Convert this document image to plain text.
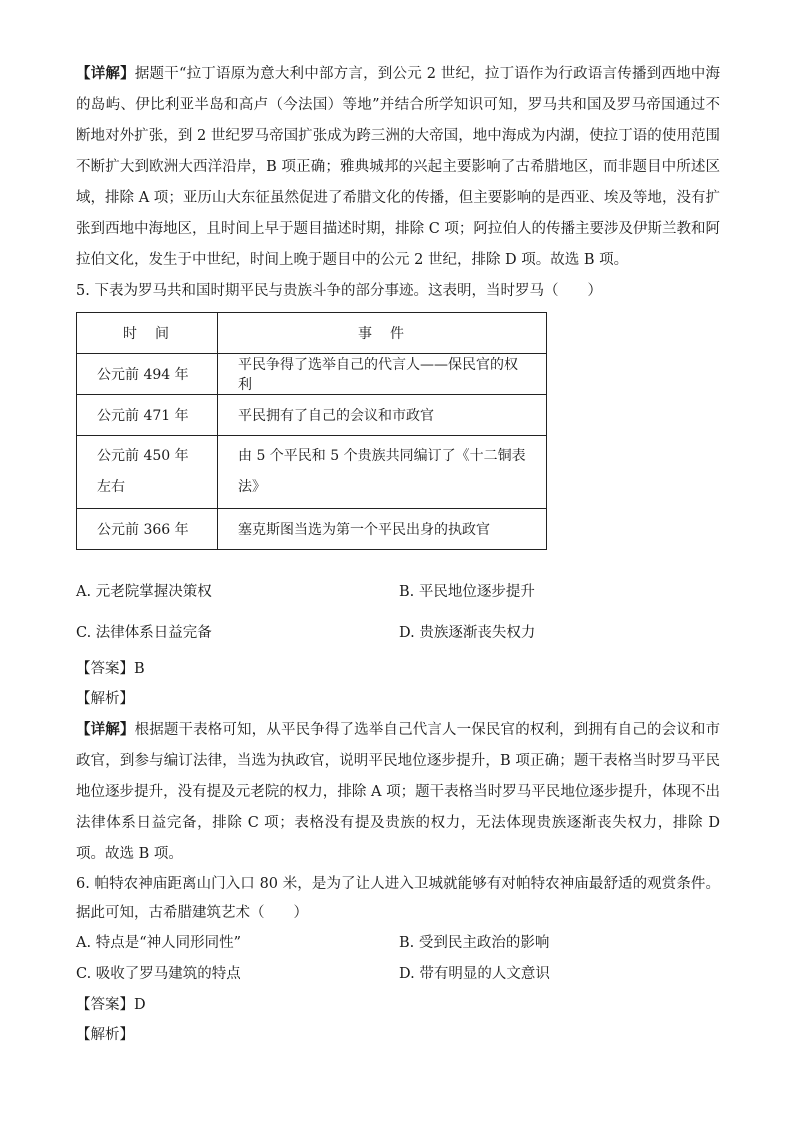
【详解】据题干“拉丁语原为意大利中部方言，到公元 2 世纪，拉丁语作为行政语言传播到西地中海的岛屿、伊比利亚半岛和高卢（今法国）等地”并结合所学知识可知，罗马共和国及罗马帝国通过不断地对外扩张，到 2 世纪罗马帝国扩张成为跨三洲的大帝国，地中海成为内湖，使拉丁语的使用范围不断扩大到欧洲大西洋沿岸，B 项正确；雅典城邦的兴起主要影响了古希腊地区，而非题目中所述区域，排除 A 项；亚历山大东征虽然促进了希腊文化的传播，但主要影响的是西亚、埃及等地，没有扩张到西地中海地区，且时间上早于题目描述时期，排除 C 项；阿拉伯人的传播主要涉及伊斯兰教和阿拉伯文化，发生于中世纪，时间上晚于题目中的公元 2 世纪，排除 D 项。故选 B 项。

5. 下表为罗马共和国时期平民与贵族斗争的部分事迹。这表明，当时罗马（　　）

时　间	事　件
公元前 494 年	平民争得了选举自己的代言人——保民官的权利
公元前 471 年	平民拥有了自己的会议和市政官
公元前 450 年左右	由 5 个平民和 5 个贵族共同编订了《十二铜表法》
公元前 366 年	塞克斯图当选为第一个平民出身的执政官
A. 元老院掌握决策权	B. 平民地位逐步提升
C. 法律体系日益完备	D. 贵族逐渐丧失权力

【答案】B

【解析】

【详解】根据题干表格可知，从平民争得了选举自己代言人一保民官的权利，到拥有自己的会议和市政官，到参与编订法律，当选为执政官，说明平民地位逐步提升，B 项正确；题干表格当时罗马平民地位逐步提升，没有提及元老院的权力，排除 A 项；题干表格当时罗马平民地位逐步提升，体现不出法律体系日益完备，排除 C 项；表格没有提及贵族的权力，无法体现贵族逐渐丧失权力，排除 D 项。故选 B 项。

6. 帕特农神庙距离山门入口 80 米，是为了让人进入卫城就能够有对帕特农神庙最舒适的观赏条件。据此可知，古希腊建筑艺术（　　）

A. 特点是“神人同形同性”	B. 受到民主政治的影响
C. 吸收了罗马建筑的特点	D. 带有明显的人文意识

【答案】D

【解析】
